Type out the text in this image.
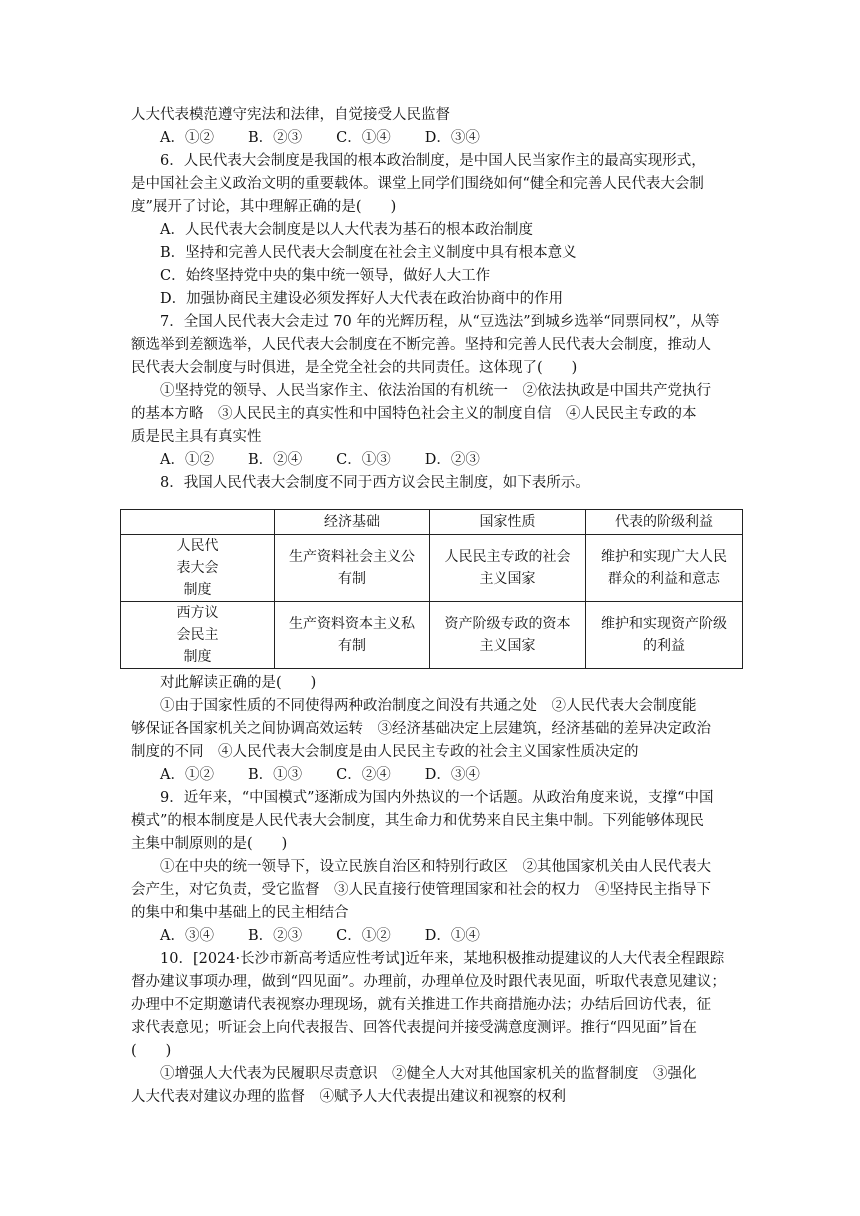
人大代表模范遵守宪法和法律，自觉接受人民监督
A．①② B．②③ C．①④ D．③④
6．人民代表大会制度是我国的根本政治制度，是中国人民当家作主的最高实现形式，
是中国社会主义政治文明的重要载体。课堂上同学们围绕如何“健全和完善人民代表大会制
度”展开了讨论，其中理解正确的是(　　)
A．人民代表大会制度是以人大代表为基石的根本政治制度
B．坚持和完善人民代表大会制度在社会主义制度中具有根本意义
C．始终坚持党中央的集中统一领导，做好人大工作
D．加强协商民主建设必须发挥好人大代表在政治协商中的作用
7．全国人民代表大会走过 70 年的光辉历程，从“豆选法”到城乡选举“同票同权”，从等
额选举到差额选举，人民代表大会制度在不断完善。坚持和完善人民代表大会制度，推动人
民代表大会制度与时俱进，是全党全社会的共同责任。这体现了(　　)
①坚持党的领导、人民当家作主、依法治国的有机统一　②依法执政是中国共产党执行
的基本方略　③人民民主的真实性和中国特色社会主义的制度自信　④人民民主专政的本
质是民主具有真实性
A．①② B．②④ C．①③ D．②③
8．我国人民代表大会制度不同于西方议会民主制度，如下表所示。
	经济基础	国家性质	代表的阶级利益

人民代
表大会
制度	生产资料社会主义公
有制	人民民主专政的社会
主义国家	维护和实现广大人民
群众的利益和意志

西方议
会民主
制度	生产资料资本主义私
有制	资产阶级专政的资本
主义国家	维护和实现资产阶级
的利益
对此解读正确的是(　　)
①由于国家性质的不同使得两种政治制度之间没有共通之处　②人民代表大会制度能
够保证各国家机关之间协调高效运转　③经济基础决定上层建筑，经济基础的差异决定政治
制度的不同　④人民代表大会制度是由人民民主专政的社会主义国家性质决定的
A．①② B．①③ C．②④ D．③④
9．近年来，“中国模式”逐渐成为国内外热议的一个话题。从政治角度来说，支撑“中国
模式”的根本制度是人民代表大会制度，其生命力和优势来自民主集中制。下列能够体现民
主集中制原则的是(　　)
①在中央的统一领导下，设立民族自治区和特别行政区　②其他国家机关由人民代表大
会产生，对它负责，受它监督　③人民直接行使管理国家和社会的权力　④坚持民主指导下
的集中和集中基础上的民主相结合
A．③④ B．②③ C．①② D．①④
10．[2024·长沙市新高考适应性考试]近年来，某地积极推动提建议的人大代表全程跟踪
督办建议事项办理，做到“四见面”。办理前，办理单位及时跟代表见面，听取代表意见建议；
办理中不定期邀请代表视察办理现场，就有关推进工作共商措施办法；办结后回访代表，征
求代表意见；听证会上向代表报告、回答代表提问并接受满意度测评。推行“四见面”旨在
(　　)
①增强人大代表为民履职尽责意识　②健全人大对其他国家机关的监督制度　③强化
人大代表对建议办理的监督　④赋予人大代表提出建议和视察的权利
